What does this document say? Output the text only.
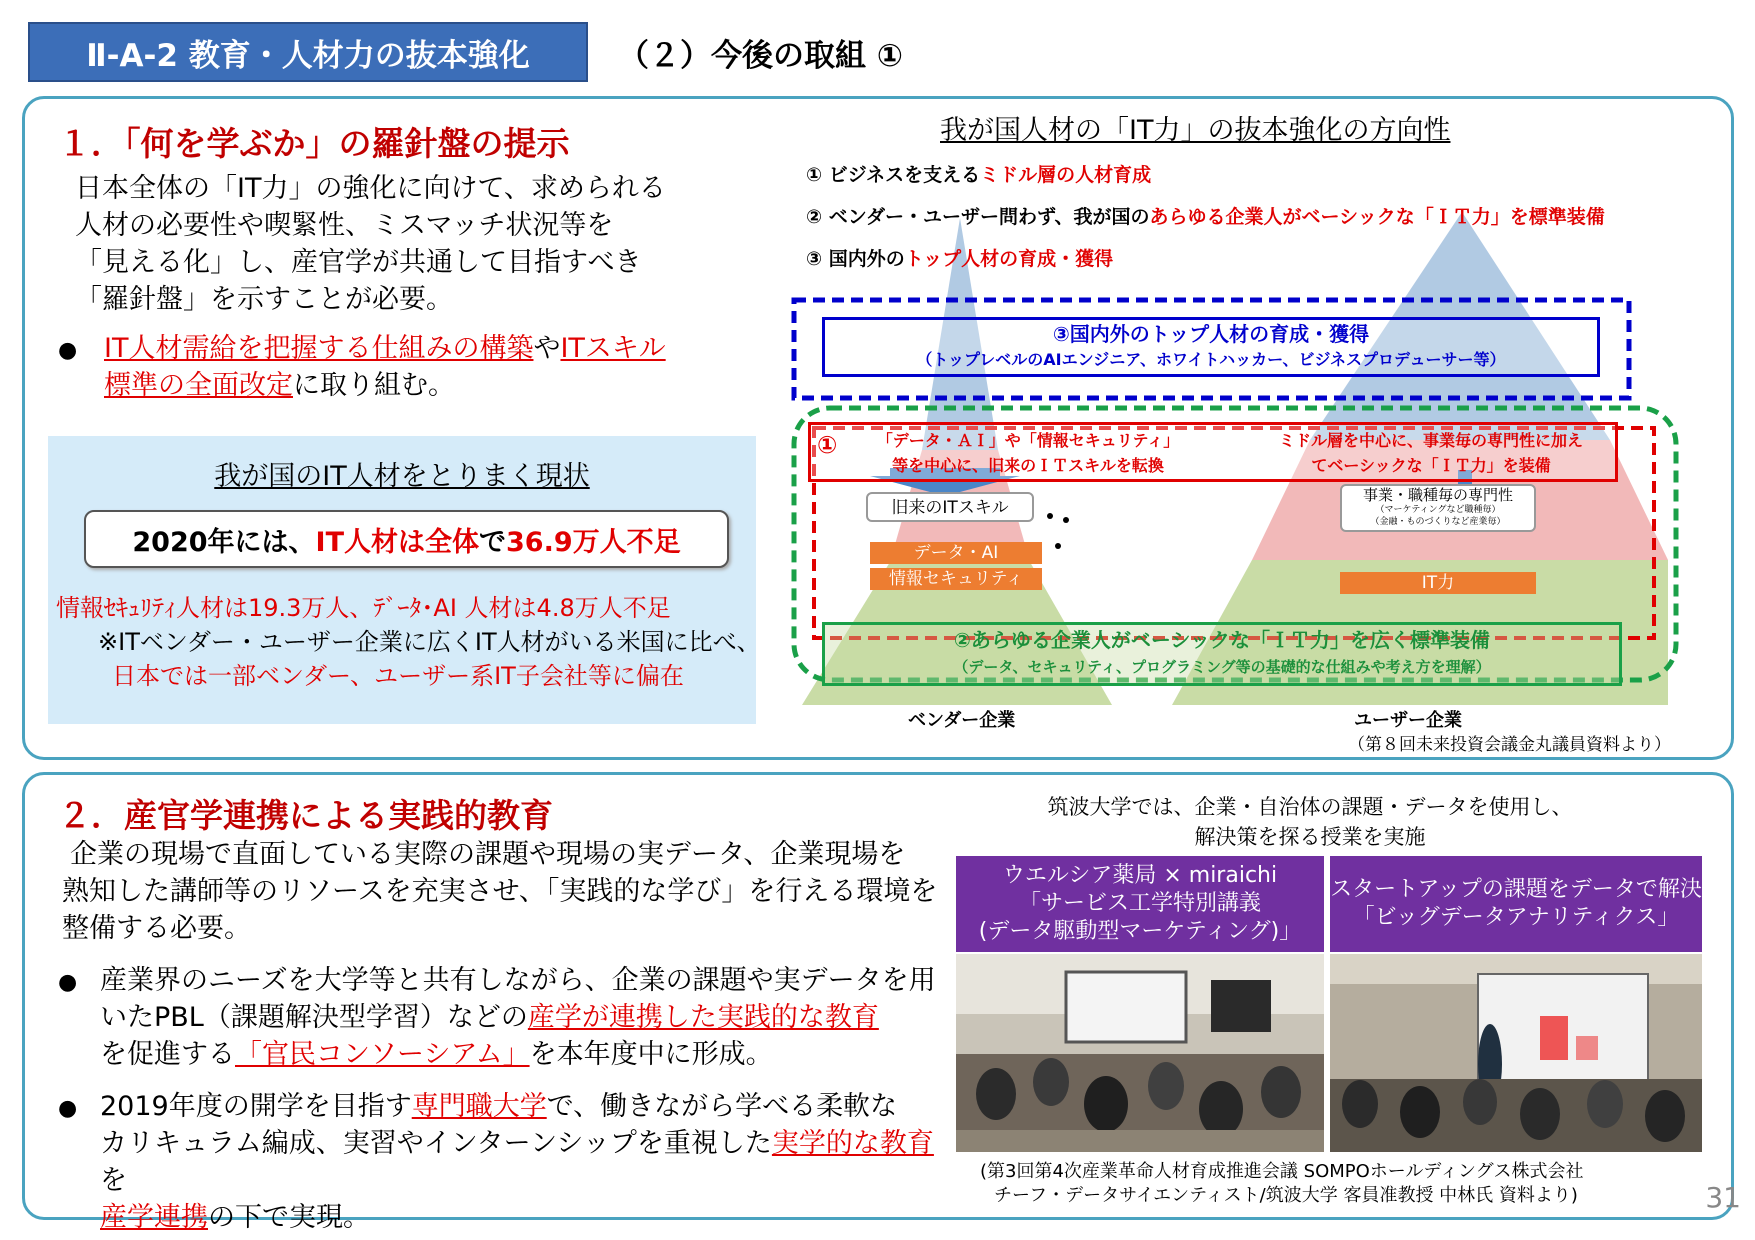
Ⅱ-A-2 教育・人材力の抜本強化	（２）今後の取組 ①
１．「何を学ぶか」の羅針盤の提示
日本全体の「IT力」の強化に向けて、求められる
人材の必要性や喫緊性、ミスマッチ状況等を
「見える化」し、産官学が共通して目指すべき
「羅針盤」を示すことが必要。
● IT人材需給を把握する仕組みの構築やITスキル
標準の全面改定に取り組む。
我が国のIT人材をとりまく現状
2020年には、 IT人材は全体 で 36.9万人不足
情報ｾｷｭﾘﾃｨ人材は19.3万人、ﾃﾞｰﾀ･AI 人材は4.8万人不足
※ITベンダー・ユーザー企業に広くIT人材がいる米国に比べ、
日本では一部ベンダー、ユーザー系IT子会社等に偏在
我が国人材の「IT力」の抜本強化の方向性
① ビジネスを支えるミドル層の人材育成
② ベンダー・ユーザー問わず、我が国のあらゆる企業人がベーシックな「ＩＴ力」を標準装備
③ 国内外のトップ人材の育成・獲得
③国内外のトップ人材の育成・獲得
（トップレベルのAIエンジニア、ホワイトハッカー、ビジネスプロデューサー等）
①	「データ・ＡＩ」や「情報セキュリティ」
等を中心に、旧来のＩＴスキルを転換
ミドル層を中心に、事業毎の専門性に加え
てベーシックな「ＩＴ力」を装備
旧来のITスキル
データ・AI
情報セキュリティ
事業・職種毎の専門性
（マーケティングなど職種毎）
（金融・ものづくりなど産業毎）
IT力
②あらゆる企業人がベーシックな「ＩＴ力」を広く標準装備
（データ、セキュリティ、プログラミング等の基礎的な仕組みや考え方を理解）
ベンダー企業	ユーザー企業
（第８回未来投資会議金丸議員資料より）
２．産官学連携による実践的教育
企業の現場で直面している実際の課題や現場の実データ、企業現場を
熟知した講師等のリソースを充実させ、「実践的な学び」を行える環境を
整備する必要。
● 産業界のニーズを大学等と共有しながら、企業の課題や実データを用
いたPBL（課題解決型学習）などの産学が連携した実践的な教育
を促進する「官民コンソーシアム」を本年度中に形成。
● 2019年度の開学を目指す専門職大学で、働きながら学べる柔軟な
カリキュラム編成、実習やインターンシップを重視した実学的な教育を
産学連携の下で実現。
筑波大学では、企業・自治体の課題・データを使用し、
解決策を探る授業を実施
ウエルシア薬局 × miraichi
「サービス工学特別講義
(データ駆動型マーケティング)」
スタートアップの課題をデータで解決
「ビッグデータアナリティクス」
(第3回第4次産業革命人材育成推進会議 SOMPOホールディングス株式会社
チーフ・データサイエンティスト/筑波大学 客員准教授 中林氏 資料より)	31
